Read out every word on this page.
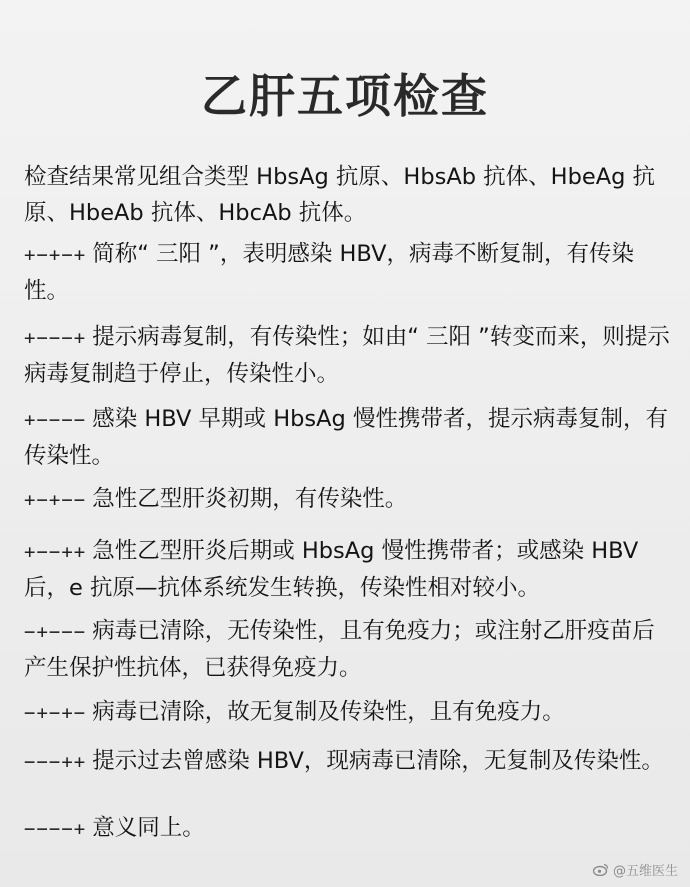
乙肝五项检查

检查结果常见组合类型 HbsAg 抗原、HbsAb 抗体、HbeAg 抗原、HbeAb 抗体、HbcAb 抗体。

+−+−+ 简称“ 三阳 ”，表明感染 HBV，病毒不断复制，有传染性。

+−−−+ 提示病毒复制，有传染性；如由“ 三阳 ”转变而来，则提示病毒复制趋于停止，传染性小。

+−−−− 感染 HBV 早期或 HbsAg 慢性携带者，提示病毒复制，有传染性。

+−+−− 急性乙型肝炎初期，有传染性。

+−−++ 急性乙型肝炎后期或 HbsAg 慢性携带者；或感染 HBV 后，e 抗原—抗体系统发生转换，传染性相对较小。

−+−−− 病毒已清除，无传染性，且有免疫力；或注射乙肝疫苗后产生保护性抗体，已获得免疫力。

−+−+− 病毒已清除，故无复制及传染性，且有免疫力。

−−−++ 提示过去曾感染 HBV，现病毒已清除，无复制及传染性。

−−−−+ 意义同上。

@五维医生
